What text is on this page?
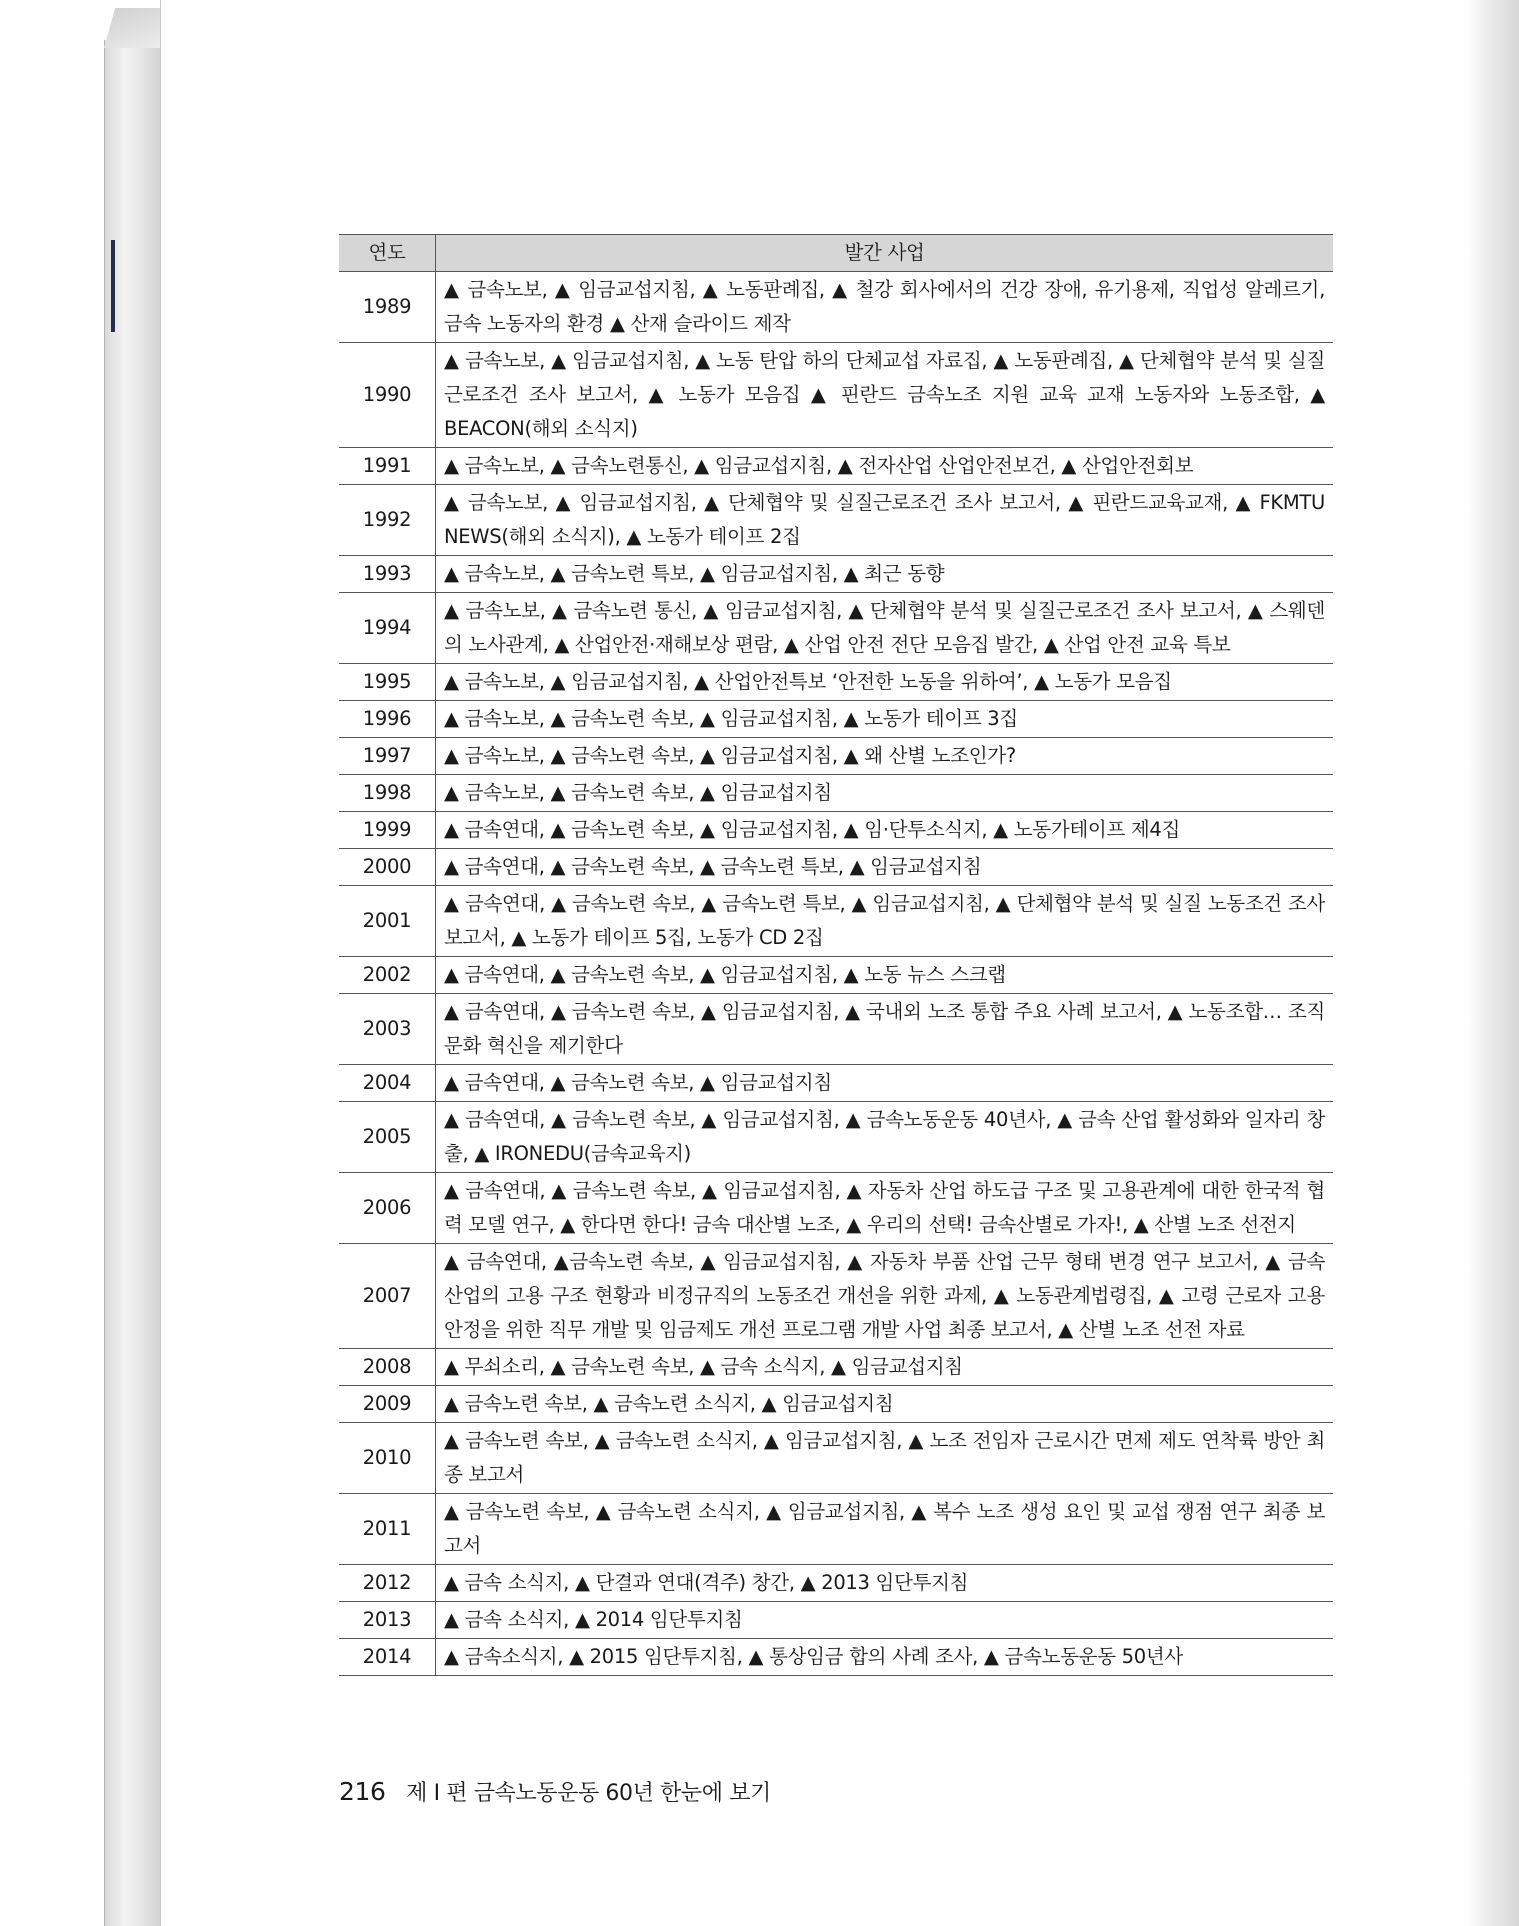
연도	발간 사업
1989	▲ 금속노보, ▲ 임금교섭지침, ▲ 노동판례집, ▲ 철강 회사에서의 건강 장애, 유기용제, 직업성 알레르기, 금속 노동자의 환경 ▲ 산재 슬라이드 제작
1990	▲ 금속노보, ▲ 임금교섭지침, ▲ 노동 탄압 하의 단체교섭 자료집, ▲ 노동판례집, ▲ 단체협약 분석 및 실질근로조건 조사 보고서, ▲ 노동가 모음집 ▲ 핀란드 금속노조 지원 교육 교재 노동자와 노동조합, ▲ BEACON(해외 소식지)
1991	▲ 금속노보, ▲ 금속노련통신, ▲ 임금교섭지침, ▲ 전자산업 산업안전보건, ▲ 산업안전회보
1992	▲ 금속노보, ▲ 임금교섭지침, ▲ 단체협약 및 실질근로조건 조사 보고서, ▲ 핀란드교육교재, ▲ FKMTU NEWS(해외 소식지), ▲ 노동가 테이프 2집
1993	▲ 금속노보, ▲ 금속노련 특보, ▲ 임금교섭지침, ▲ 최근 동향
1994	▲ 금속노보, ▲ 금속노련 통신, ▲ 임금교섭지침, ▲ 단체협약 분석 및 실질근로조건 조사 보고서, ▲ 스웨덴의 노사관계, ▲ 산업안전·재해보상 편람, ▲ 산업 안전 전단 모음집 발간, ▲ 산업 안전 교육 특보
1995	▲ 금속노보, ▲ 임금교섭지침, ▲ 산업안전특보 ‘안전한 노동을 위하여’, ▲ 노동가 모음집
1996	▲ 금속노보, ▲ 금속노련 속보, ▲ 임금교섭지침, ▲ 노동가 테이프 3집
1997	▲ 금속노보, ▲ 금속노련 속보, ▲ 임금교섭지침, ▲ 왜 산별 노조인가?
1998	▲ 금속노보, ▲ 금속노련 속보, ▲ 임금교섭지침
1999	▲ 금속연대, ▲ 금속노련 속보, ▲ 임금교섭지침, ▲ 임·단투소식지, ▲ 노동가테이프 제4집
2000	▲ 금속연대, ▲ 금속노련 속보, ▲ 금속노련 특보, ▲ 임금교섭지침
2001	▲ 금속연대, ▲ 금속노련 속보, ▲ 금속노련 특보, ▲ 임금교섭지침, ▲ 단체협약 분석 및 실질 노동조건 조사 보고서, ▲ 노동가 테이프 5집, 노동가 CD 2집
2002	▲ 금속연대, ▲ 금속노련 속보, ▲ 임금교섭지침, ▲ 노동 뉴스 스크랩
2003	▲ 금속연대, ▲ 금속노련 속보, ▲ 임금교섭지침, ▲ 국내외 노조 통합 주요 사례 보고서, ▲ 노동조합… 조직문화 혁신을 제기한다
2004	▲ 금속연대, ▲ 금속노련 속보, ▲ 임금교섭지침
2005	▲ 금속연대, ▲ 금속노련 속보, ▲ 임금교섭지침, ▲ 금속노동운동 40년사, ▲ 금속 산업 활성화와 일자리 창출, ▲ IRONEDU(금속교육지)
2006	▲ 금속연대, ▲ 금속노련 속보, ▲ 임금교섭지침, ▲ 자동차 산업 하도급 구조 및 고용관계에 대한 한국적 협력 모델 연구, ▲ 한다면 한다! 금속 대산별 노조, ▲ 우리의 선택! 금속산별로 가자!, ▲ 산별 노조 선전지
2007	▲ 금속연대, ▲금속노련 속보, ▲ 임금교섭지침, ▲ 자동차 부품 산업 근무 형태 변경 연구 보고서, ▲ 금속 산업의 고용 구조 현황과 비정규직의 노동조건 개선을 위한 과제, ▲ 노동관계법령집, ▲ 고령 근로자 고용 안정을 위한 직무 개발 및 임금제도 개선 프로그램 개발 사업 최종 보고서, ▲ 산별 노조 선전 자료
2008	▲ 무쇠소리, ▲ 금속노련 속보, ▲ 금속 소식지, ▲ 임금교섭지침
2009	▲ 금속노련 속보, ▲ 금속노련 소식지, ▲ 임금교섭지침
2010	▲ 금속노련 속보, ▲ 금속노련 소식지, ▲ 임금교섭지침, ▲ 노조 전임자 근로시간 면제 제도 연착륙 방안 최종 보고서
2011	▲ 금속노련 속보, ▲ 금속노련 소식지, ▲ 임금교섭지침, ▲ 복수 노조 생성 요인 및 교섭 쟁점 연구 최종 보고서
2012	▲ 금속 소식지, ▲ 단결과 연대(격주) 창간, ▲ 2013 임단투지침
2013	▲ 금속 소식지, ▲ 2014 임단투지침
2014	▲ 금속소식지, ▲ 2015 임단투지침, ▲ 통상임금 합의 사례 조사, ▲ 금속노동운동 50년사
216 제 I 편 금속노동운동 60년 한눈에 보기
